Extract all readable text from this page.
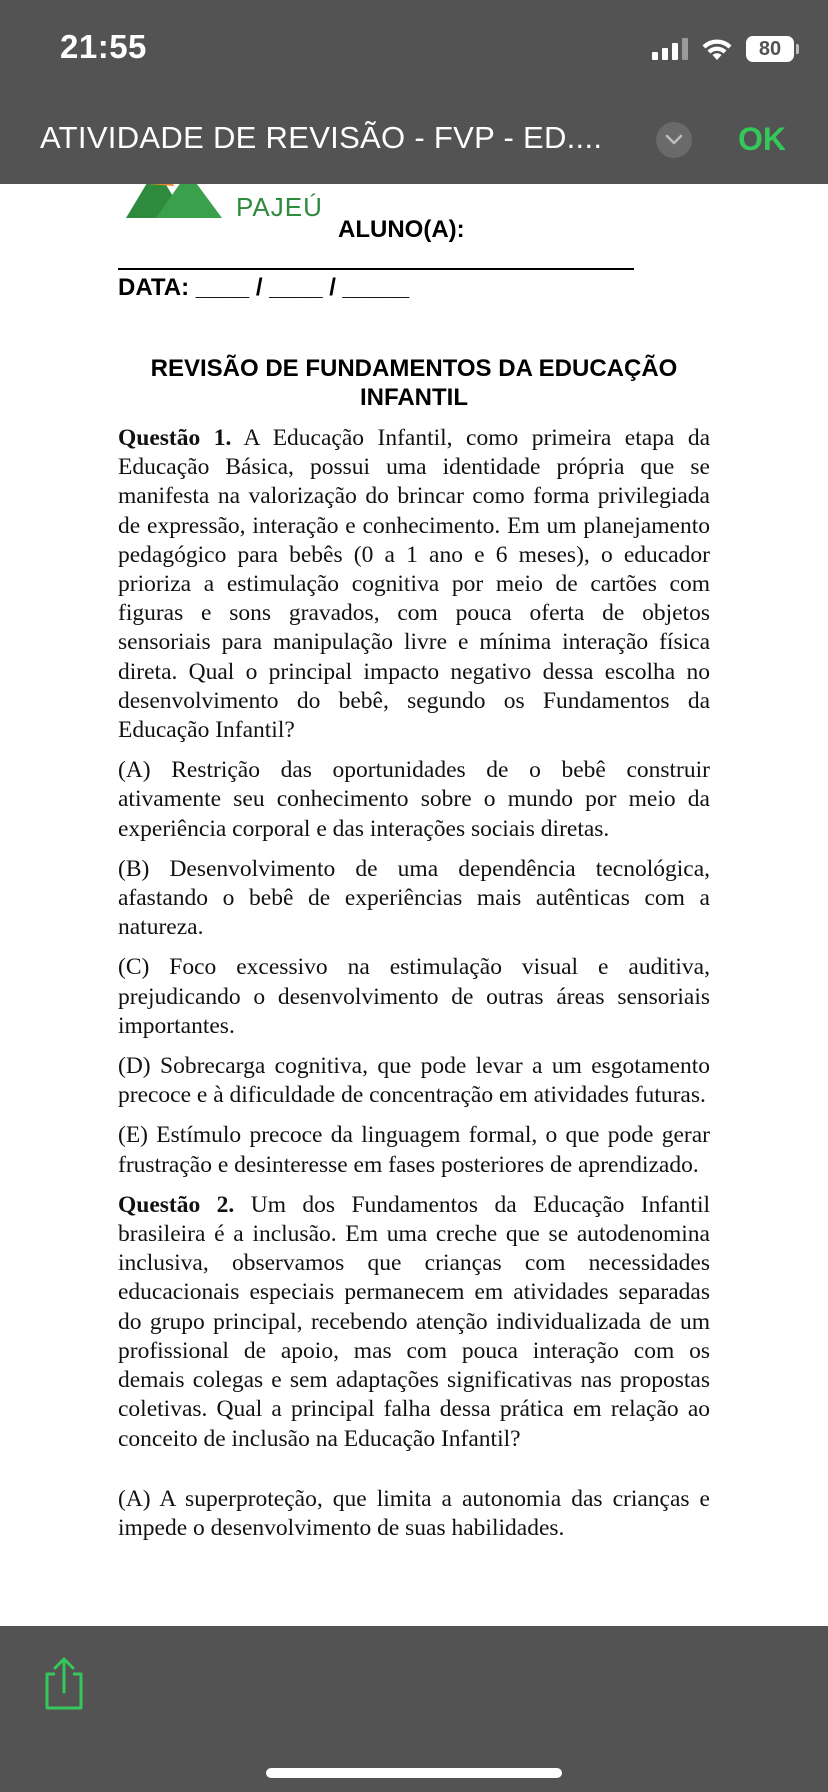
21:55	80
ATIVIDADE DE REVISÃO - FVP - ED....	OK
PAJEÚ
ALUNO(A):
DATA: ____ / ____ / _____
REVISÃO DE FUNDAMENTOS DA EDUCAÇÃO INFANTIL

Questão 1. A Educação Infantil, como primeira etapa da Educação Básica, possui uma identidade própria que se manifesta na valorização do brincar como forma privilegiada de expressão, interação e conhecimento. Em um planejamento pedagógico para bebês (0 a 1 ano e 6 meses), o educador prioriza a estimulação cognitiva por meio de cartões com figuras e sons gravados, com pouca oferta de objetos sensoriais para manipulação livre e mínima interação física direta. Qual o principal impacto negativo dessa escolha no desenvolvimento do bebê, segundo os Fundamentos da Educação Infantil?

(A) Restrição das oportunidades de o bebê construir ativamente seu conhecimento sobre o mundo por meio da experiência corporal e das interações sociais diretas.

(B) Desenvolvimento de uma dependência tecnológica, afastando o bebê de experiências mais autênticas com a natureza.

(C) Foco excessivo na estimulação visual e auditiva, prejudicando o desenvolvimento de outras áreas sensoriais importantes.

(D) Sobrecarga cognitiva, que pode levar a um esgotamento precoce e à dificuldade de concentração em atividades futuras.

(E) Estímulo precoce da linguagem formal, o que pode gerar frustração e desinteresse em fases posteriores de aprendizado.

Questão 2. Um dos Fundamentos da Educação Infantil brasileira é a inclusão. Em uma creche que se autodenomina inclusiva, observamos que crianças com necessidades educacionais especiais permanecem em atividades separadas do grupo principal, recebendo atenção individualizada de um profissional de apoio, mas com pouca interação com os demais colegas e sem adaptações significativas nas propostas coletivas. Qual a principal falha dessa prática em relação ao conceito de inclusão na Educação Infantil?

(A) A superproteção, que limita a autonomia das crianças e impede o desenvolvimento de suas habilidades.
